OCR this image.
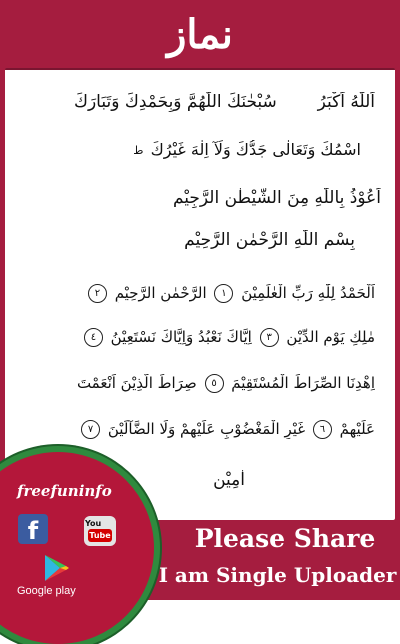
نماز
اَللّٰهُ اَكْبَرُ  سُبْحٰنَكَ اللّٰهُمَّ وَبِحَمْدِكَ وَتَبَارَكَ
اسْمُكَ وَتَعَالٰى جَدُّكَ وَلَآ اِلٰهَ غَيْرُكَ ط
اَعُوْذُ بِاللّٰهِ مِنَ الشَّيْطٰنِ الرَّجِيْمِ
بِسْمِ اللّٰهِ الرَّحْمٰنِ الرَّحِيْمِ
اَلْحَمْدُ لِلّٰهِ رَبِّ الْعٰلَمِيْنَ ١ الرَّحْمٰنِ الرَّحِيْمِ ٢
مٰلِكِ يَوْمِ الدِّيْنِ ٣ اِيَّاكَ نَعْبُدُ وَاِيَّاكَ نَسْتَعِيْنُ ٤
اِهْدِنَا الصِّرَاطَ الْمُسْتَقِيْمَ ٥ صِرَاطَ الَّذِيْنَ اَنْعَمْتَ
عَلَيْهِمْ ٦ غَيْرِ الْمَغْضُوْبِ عَلَيْهِمْ وَلَا الضَّآلِّيْنَ ٧
اٰمِيْن
Please Share
I am Single Uploader
freefuninfo
f	You
Tube
Google play
